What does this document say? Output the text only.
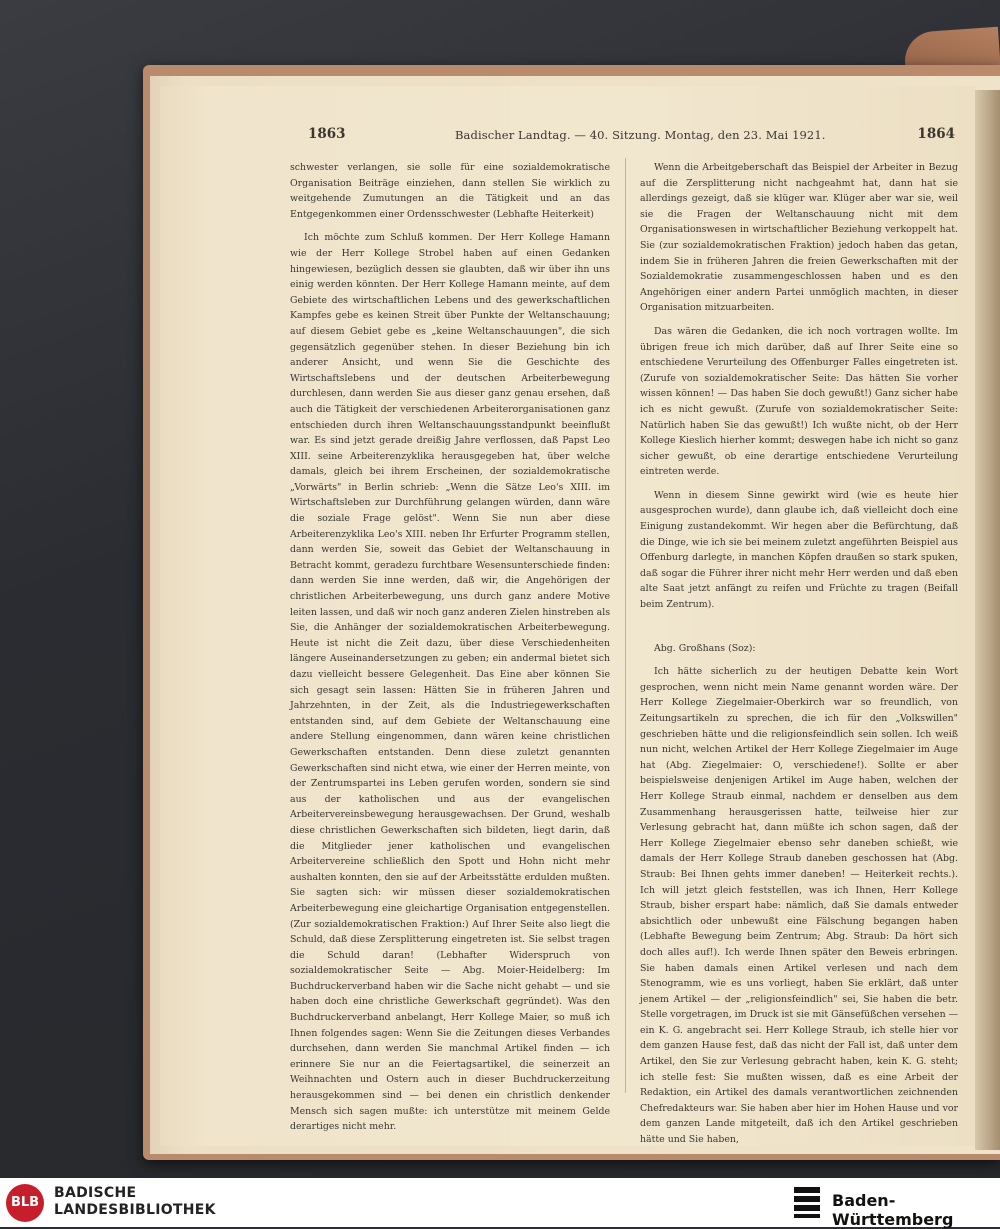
1863	Badischer Landtag. — 40. Sitzung. Montag, den 23. Mai 1921.	1864

schwester verlangen, sie solle für eine sozialdemokratische Organisation Beiträge einziehen, dann stellen Sie wirklich zu weitgehende Zumutungen an die Tätigkeit und an das Entgegenkommen einer Ordensschwester (Lebhafte Heiterkeit)

Ich möchte zum Schluß kommen. Der Herr Kollege Hamann wie der Herr Kollege Strobel haben auf einen Gedanken hingewiesen, bezüglich dessen sie glaubten, daß wir über ihn uns einig werden könnten. Der Herr Kollege Hamann meinte, auf dem Gebiete des wirtschaftlichen Lebens und des gewerkschaftlichen Kampfes gebe es keinen Streit über Punkte der Weltanschauung; auf diesem Gebiet gebe es „keine Weltanschauungen", die sich gegensätzlich gegenüber stehen. In dieser Beziehung bin ich anderer Ansicht, und wenn Sie die Geschichte des Wirtschaftslebens und der deutschen Arbeiterbewegung durchlesen, dann werden Sie aus dieser ganz genau ersehen, daß auch die Tätigkeit der verschiedenen Arbeiterorganisationen ganz entschieden durch ihren Weltanschauungsstandpunkt beeinflußt war. Es sind jetzt gerade dreißig Jahre verflossen, daß Papst Leo XIII. seine Arbeiterenzyklika herausgegeben hat, über welche damals, gleich bei ihrem Erscheinen, der sozialdemokratische „Vorwärts" in Berlin schrieb: „Wenn die Sätze Leo's XIII. im Wirtschaftsleben zur Durchführung gelangen würden, dann wäre die soziale Frage gelöst". Wenn Sie nun aber diese Arbeiterenzyklika Leo's XIII. neben Ihr Erfurter Programm stellen, dann werden Sie, soweit das Gebiet der Weltanschauung in Betracht kommt, geradezu furchtbare Wesensunterschiede finden: dann werden Sie inne werden, daß wir, die Angehörigen der christlichen Arbeiterbewegung, uns durch ganz andere Motive leiten lassen, und daß wir noch ganz anderen Zielen hinstreben als Sie, die Anhänger der sozialdemokratischen Arbeiterbewegung. Heute ist nicht die Zeit dazu, über diese Verschiedenheiten längere Auseinandersetzungen zu geben; ein andermal bietet sich dazu vielleicht bessere Gelegenheit. Das Eine aber können Sie sich gesagt sein lassen: Hätten Sie in früheren Jahren und Jahrzehnten, in der Zeit, als die Industriegewerkschaften entstanden sind, auf dem Gebiete der Weltanschauung eine andere Stellung eingenommen, dann wären keine christlichen Gewerkschaften entstanden. Denn diese zuletzt genannten Gewerkschaften sind nicht etwa, wie einer der Herren meinte, von der Zentrumspartei ins Leben gerufen worden, sondern sie sind aus der katholischen und aus der evangelischen Arbeitervereinsbewegung herausgewachsen. Der Grund, weshalb diese christlichen Gewerkschaften sich bildeten, liegt darin, daß die Mitglieder jener katholischen und evangelischen Arbeitervereine schließlich den Spott und Hohn nicht mehr aushalten konnten, den sie auf der Arbeitsstätte erdulden mußten. Sie sagten sich: wir müssen dieser sozialdemokratischen Arbeiterbewegung eine gleichartige Organisation entgegenstellen. (Zur sozialdemokratischen Fraktion:) Auf Ihrer Seite also liegt die Schuld, daß diese Zersplitterung eingetreten ist. Sie selbst tragen die Schuld daran! (Lebhafter Widerspruch von sozialdemokratischer Seite — Abg. Moier-Heidelberg: Im Buchdruckerverband haben wir die Sache nicht gehabt — und sie haben doch eine christliche Gewerkschaft gegründet). Was den Buchdruckerverband anbelangt, Herr Kollege Maier, so muß ich Ihnen folgendes sagen: Wenn Sie die Zeitungen dieses Verbandes durchsehen, dann werden Sie manchmal Artikel finden — ich erinnere Sie nur an die Feiertagsartikel, die seinerzeit an Weihnachten und Ostern auch in dieser Buchdruckerzeitung herausgekommen sind — bei denen ein christlich denkender Mensch sich sagen mußte: ich unterstütze mit meinem Gelde derartiges nicht mehr.

Wenn die Arbeitgeberschaft das Beispiel der Arbeiter in Bezug auf die Zersplitterung nicht nachgeahmt hat, dann hat sie allerdings gezeigt, daß sie klüger war. Klüger aber war sie, weil sie die Fragen der Weltanschauung nicht mit dem Organisationswesen in wirtschaftlicher Beziehung verkoppelt hat. Sie (zur sozialdemokratischen Fraktion) jedoch haben das getan, indem Sie in früheren Jahren die freien Gewerkschaften mit der Sozialdemokratie zusammengeschlossen haben und es den Angehörigen einer andern Partei unmöglich machten, in dieser Organisation mitzuarbeiten.

Das wären die Gedanken, die ich noch vortragen wollte. Im übrigen freue ich mich darüber, daß auf Ihrer Seite eine so entschiedene Verurteilung des Offenburger Falles eingetreten ist. (Zurufe von sozialdemokratischer Seite: Das hätten Sie vorher wissen können! — Das haben Sie doch gewußt!) Ganz sicher habe ich es nicht gewußt. (Zurufe von sozialdemokratischer Seite: Natürlich haben Sie das gewußt!) Ich wußte nicht, ob der Herr Kollege Kieslich hierher kommt; deswegen habe ich nicht so ganz sicher gewußt, ob eine derartige entschiedene Verurteilung eintreten werde.

Wenn in diesem Sinne gewirkt wird (wie es heute hier ausgesprochen wurde), dann glaube ich, daß vielleicht doch eine Einigung zustandekommt. Wir hegen aber die Befürchtung, daß die Dinge, wie ich sie bei meinem zuletzt angeführten Beispiel aus Offenburg darlegte, in manchen Köpfen draußen so stark spuken, daß sogar die Führer ihrer nicht mehr Herr werden und daß eben alte Saat jetzt anfängt zu reifen und Früchte zu tragen (Beifall beim Zentrum).

Abg. Großhans (Soz):

Ich hätte sicherlich zu der heutigen Debatte kein Wort gesprochen, wenn nicht mein Name genannt worden wäre. Der Herr Kollege Ziegelmaier-Oberkirch war so freundlich, von Zeitungsartikeln zu sprechen, die ich für den „Volkswillen" geschrieben hätte und die religionsfeindlich sein sollen. Ich weiß nun nicht, welchen Artikel der Herr Kollege Ziegelmaier im Auge hat (Abg. Ziegelmaier: O, verschiedene!). Sollte er aber beispielsweise denjenigen Artikel im Auge haben, welchen der Herr Kollege Straub einmal, nachdem er denselben aus dem Zusammenhang herausgerissen hatte, teilweise hier zur Verlesung gebracht hat, dann müßte ich schon sagen, daß der Herr Kollege Ziegelmaier ebenso sehr daneben schießt, wie damals der Herr Kollege Straub daneben geschossen hat (Abg. Straub: Bei Ihnen gehts immer daneben! — Heiterkeit rechts.). Ich will jetzt gleich feststellen, was ich Ihnen, Herr Kollege Straub, bisher erspart habe: nämlich, daß Sie damals entweder absichtlich oder unbewußt eine Fälschung begangen haben (Lebhafte Bewegung beim Zentrum; Abg. Straub: Da hört sich doch alles auf!). Ich werde Ihnen später den Beweis erbringen. Sie haben damals einen Artikel verlesen und nach dem Stenogramm, wie es uns vorliegt, haben Sie erklärt, daß unter jenem Artikel — der „religionsfeindlich" sei, Sie haben die betr. Stelle vorgetragen, im Druck ist sie mit Gänsefüßchen versehen — ein K. G. angebracht sei. Herr Kollege Straub, ich stelle hier vor dem ganzen Hause fest, daß das nicht der Fall ist, daß unter dem Artikel, den Sie zur Verlesung gebracht haben, kein K. G. steht; ich stelle fest: Sie mußten wissen, daß es eine Arbeit der Redaktion, ein Artikel des damals verantwortlichen zeichnenden Chefredakteurs war. Sie haben aber hier im Hohen Hause und vor dem ganzen Lande mitgeteilt, daß ich den Artikel geschrieben hätte und Sie haben,

BLB
BADISCHE
LANDESBIBLIOTHEK	Baden-Württemberg
